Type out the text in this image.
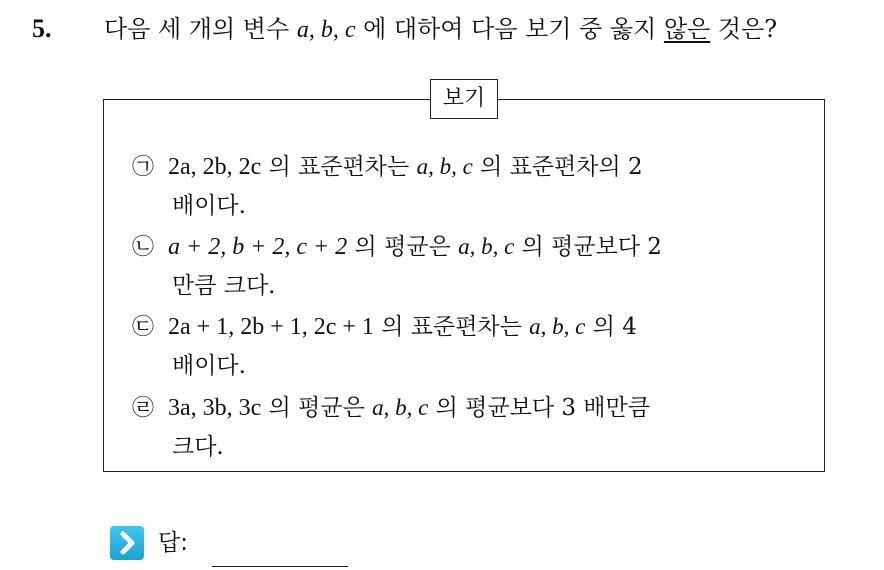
5. 다음 세 개의 변수 a, b, c 에 대하여 다음 보기 중 옳지 않은 것은?
보기
㉠ 2a, 2b, 2c 의 표준편차는 a, b, c 의 표준편차의 2
배이다.
㉡ a + 2, b + 2, c + 2 의 평균은 a, b, c 의 평균보다 2
만큼 크다.
㉢ 2a + 1, 2b + 1, 2c + 1 의 표준편차는 a, b, c 의 4
배이다.
㉣ 3a, 3b, 3c 의 평균은 a, b, c 의 평균보다 3 배만큼
크다.
답:
